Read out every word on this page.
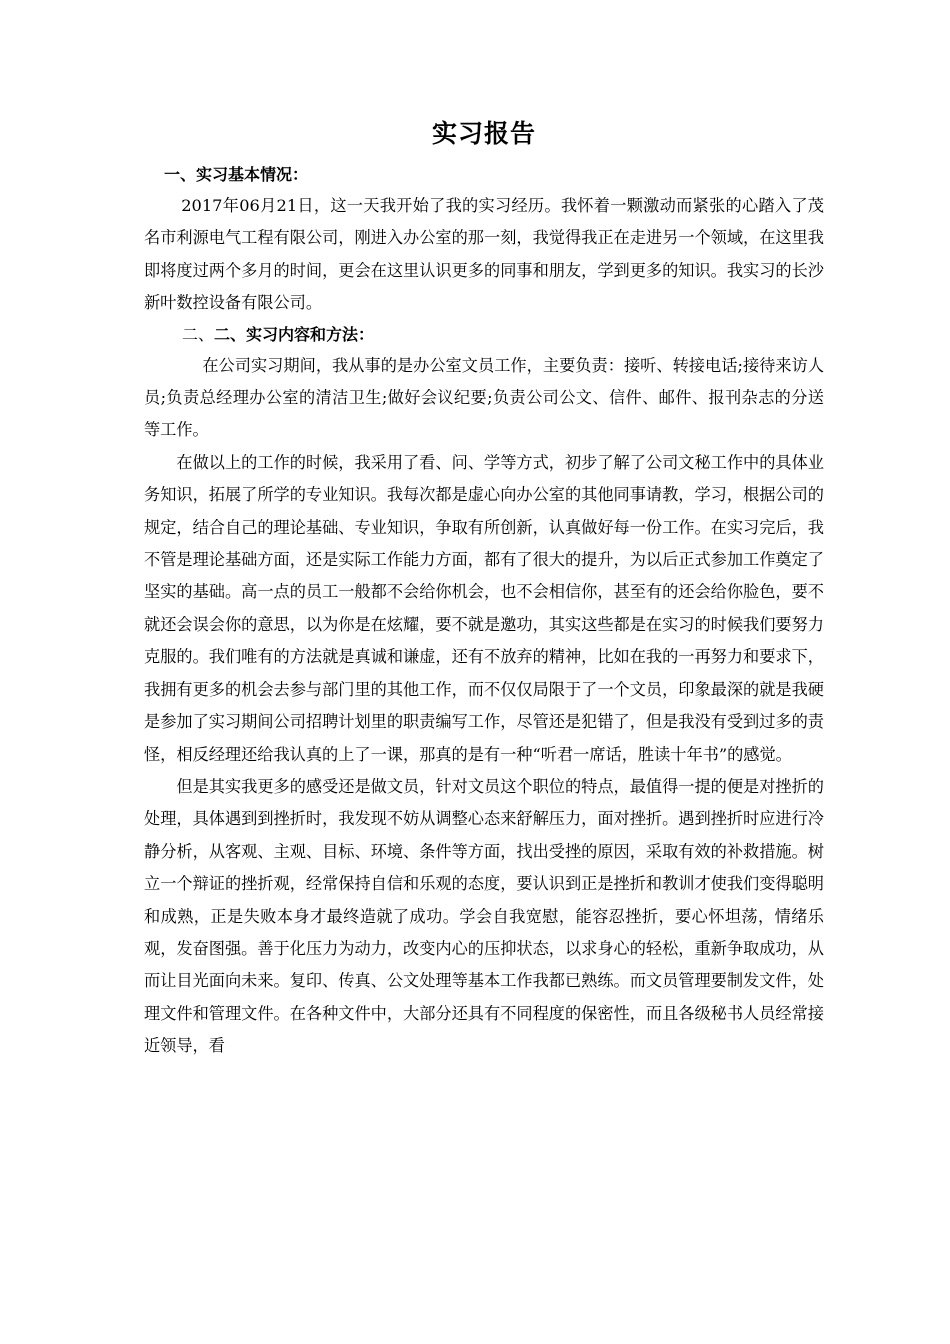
实习报告

一、实习基本情况：

2017年06月21日，这一天我开始了我的实习经历。我怀着一颗激动而紧张的心踏入了茂名市利源电气工程有限公司，刚进入办公室的那一刻，我觉得我正在走进另一个领域，在这里我即将度过两个多月的时间，更会在这里认识更多的同事和朋友，学到更多的知识。我实习的长沙新叶数控设备有限公司。

二、二、实习内容和方法：

在公司实习期间，我从事的是办公室文员工作，主要负责：接听、转接电话;接待来访人员;负责总经理办公室的清洁卫生;做好会议纪要;负责公司公文、信件、邮件、报刊杂志的分送等工作。

在做以上的工作的时候，我采用了看、问、学等方式，初步了解了公司文秘工作中的具体业务知识，拓展了所学的专业知识。我每次都是虚心向办公室的其他同事请教，学习，根据公司的规定，结合自己的理论基础、专业知识，争取有所创新，认真做好每一份工作。在实习完后，我不管是理论基础方面，还是实际工作能力方面，都有了很大的提升，为以后正式参加工作奠定了坚实的基础。高一点的员工一般都不会给你机会，也不会相信你，甚至有的还会给你脸色，要不就还会误会你的意思，以为你是在炫耀，要不就是邀功，其实这些都是在实习的时候我们要努力克服的。我们唯有的方法就是真诚和谦虚，还有不放弃的精神，比如在我的一再努力和要求下，我拥有更多的机会去参与部门里的其他工作，而不仅仅局限于了一个文员，印象最深的就是我硬是参加了实习期间公司招聘计划里的职责编写工作，尽管还是犯错了，但是我没有受到过多的责怪，相反经理还给我认真的上了一课，那真的是有一种“听君一席话，胜读十年书”的感觉。

但是其实我更多的感受还是做文员，针对文员这个职位的特点，最值得一提的便是对挫折的处理，具体遇到到挫折时，我发现不妨从调整心态来舒解压力，面对挫折。遇到挫折时应进行冷静分析，从客观、主观、目标、环境、条件等方面，找出受挫的原因，采取有效的补救措施。树立一个辩证的挫折观，经常保持自信和乐观的态度，要认识到正是挫折和教训才使我们变得聪明和成熟，正是失败本身才最终造就了成功。学会自我宽慰，能容忍挫折，要心怀坦荡，情绪乐观，发奋图强。善于化压力为动力，改变内心的压抑状态，以求身心的轻松，重新争取成功，从而让目光面向未来。复印、传真、公文处理等基本工作我都已熟练。而文员管理要制发文件，处理文件和管理文件。在各种文件中，大部分还具有不同程度的保密性，而且各级秘书人员经常接近领导，看
